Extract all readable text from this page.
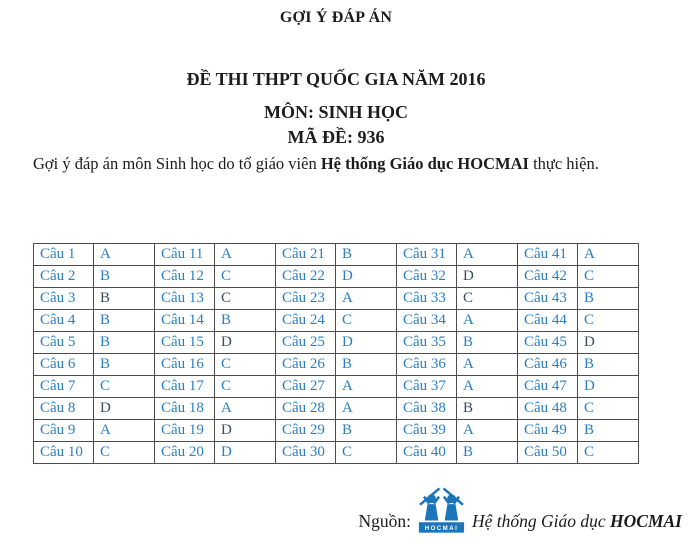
GỢI Ý ĐÁP ÁN
ĐỀ THI THPT QUỐC GIA NĂM 2016
MÔN: SINH HỌC
MÃ ĐỀ: 936

Gợi ý đáp án môn Sinh học do tổ giáo viên Hệ thống Giáo dục HOCMAI thực hiện.

Câu 1	A	Câu 11	A	Câu 21	B	Câu 31	A	Câu 41	A
Câu 2	B	Câu 12	C	Câu 22	D	Câu 32	D	Câu 42	C
Câu 3	B	Câu 13	C	Câu 23	A	Câu 33	C	Câu 43	B
Câu 4	B	Câu 14	B	Câu 24	C	Câu 34	A	Câu 44	C
Câu 5	B	Câu 15	D	Câu 25	D	Câu 35	B	Câu 45	D
Câu 6	B	Câu 16	C	Câu 26	B	Câu 36	A	Câu 46	B
Câu 7	C	Câu 17	C	Câu 27	A	Câu 37	A	Câu 47	D
Câu 8	D	Câu 18	A	Câu 28	A	Câu 38	B	Câu 48	C
Câu 9	A	Câu 19	D	Câu 29	B	Câu 39	A	Câu 49	B
Câu 10	C	Câu 20	D	Câu 30	C	Câu 40	B	Câu 50	C
Nguồn: HOCMAI Hệ thống Giáo dục HOCMAI
